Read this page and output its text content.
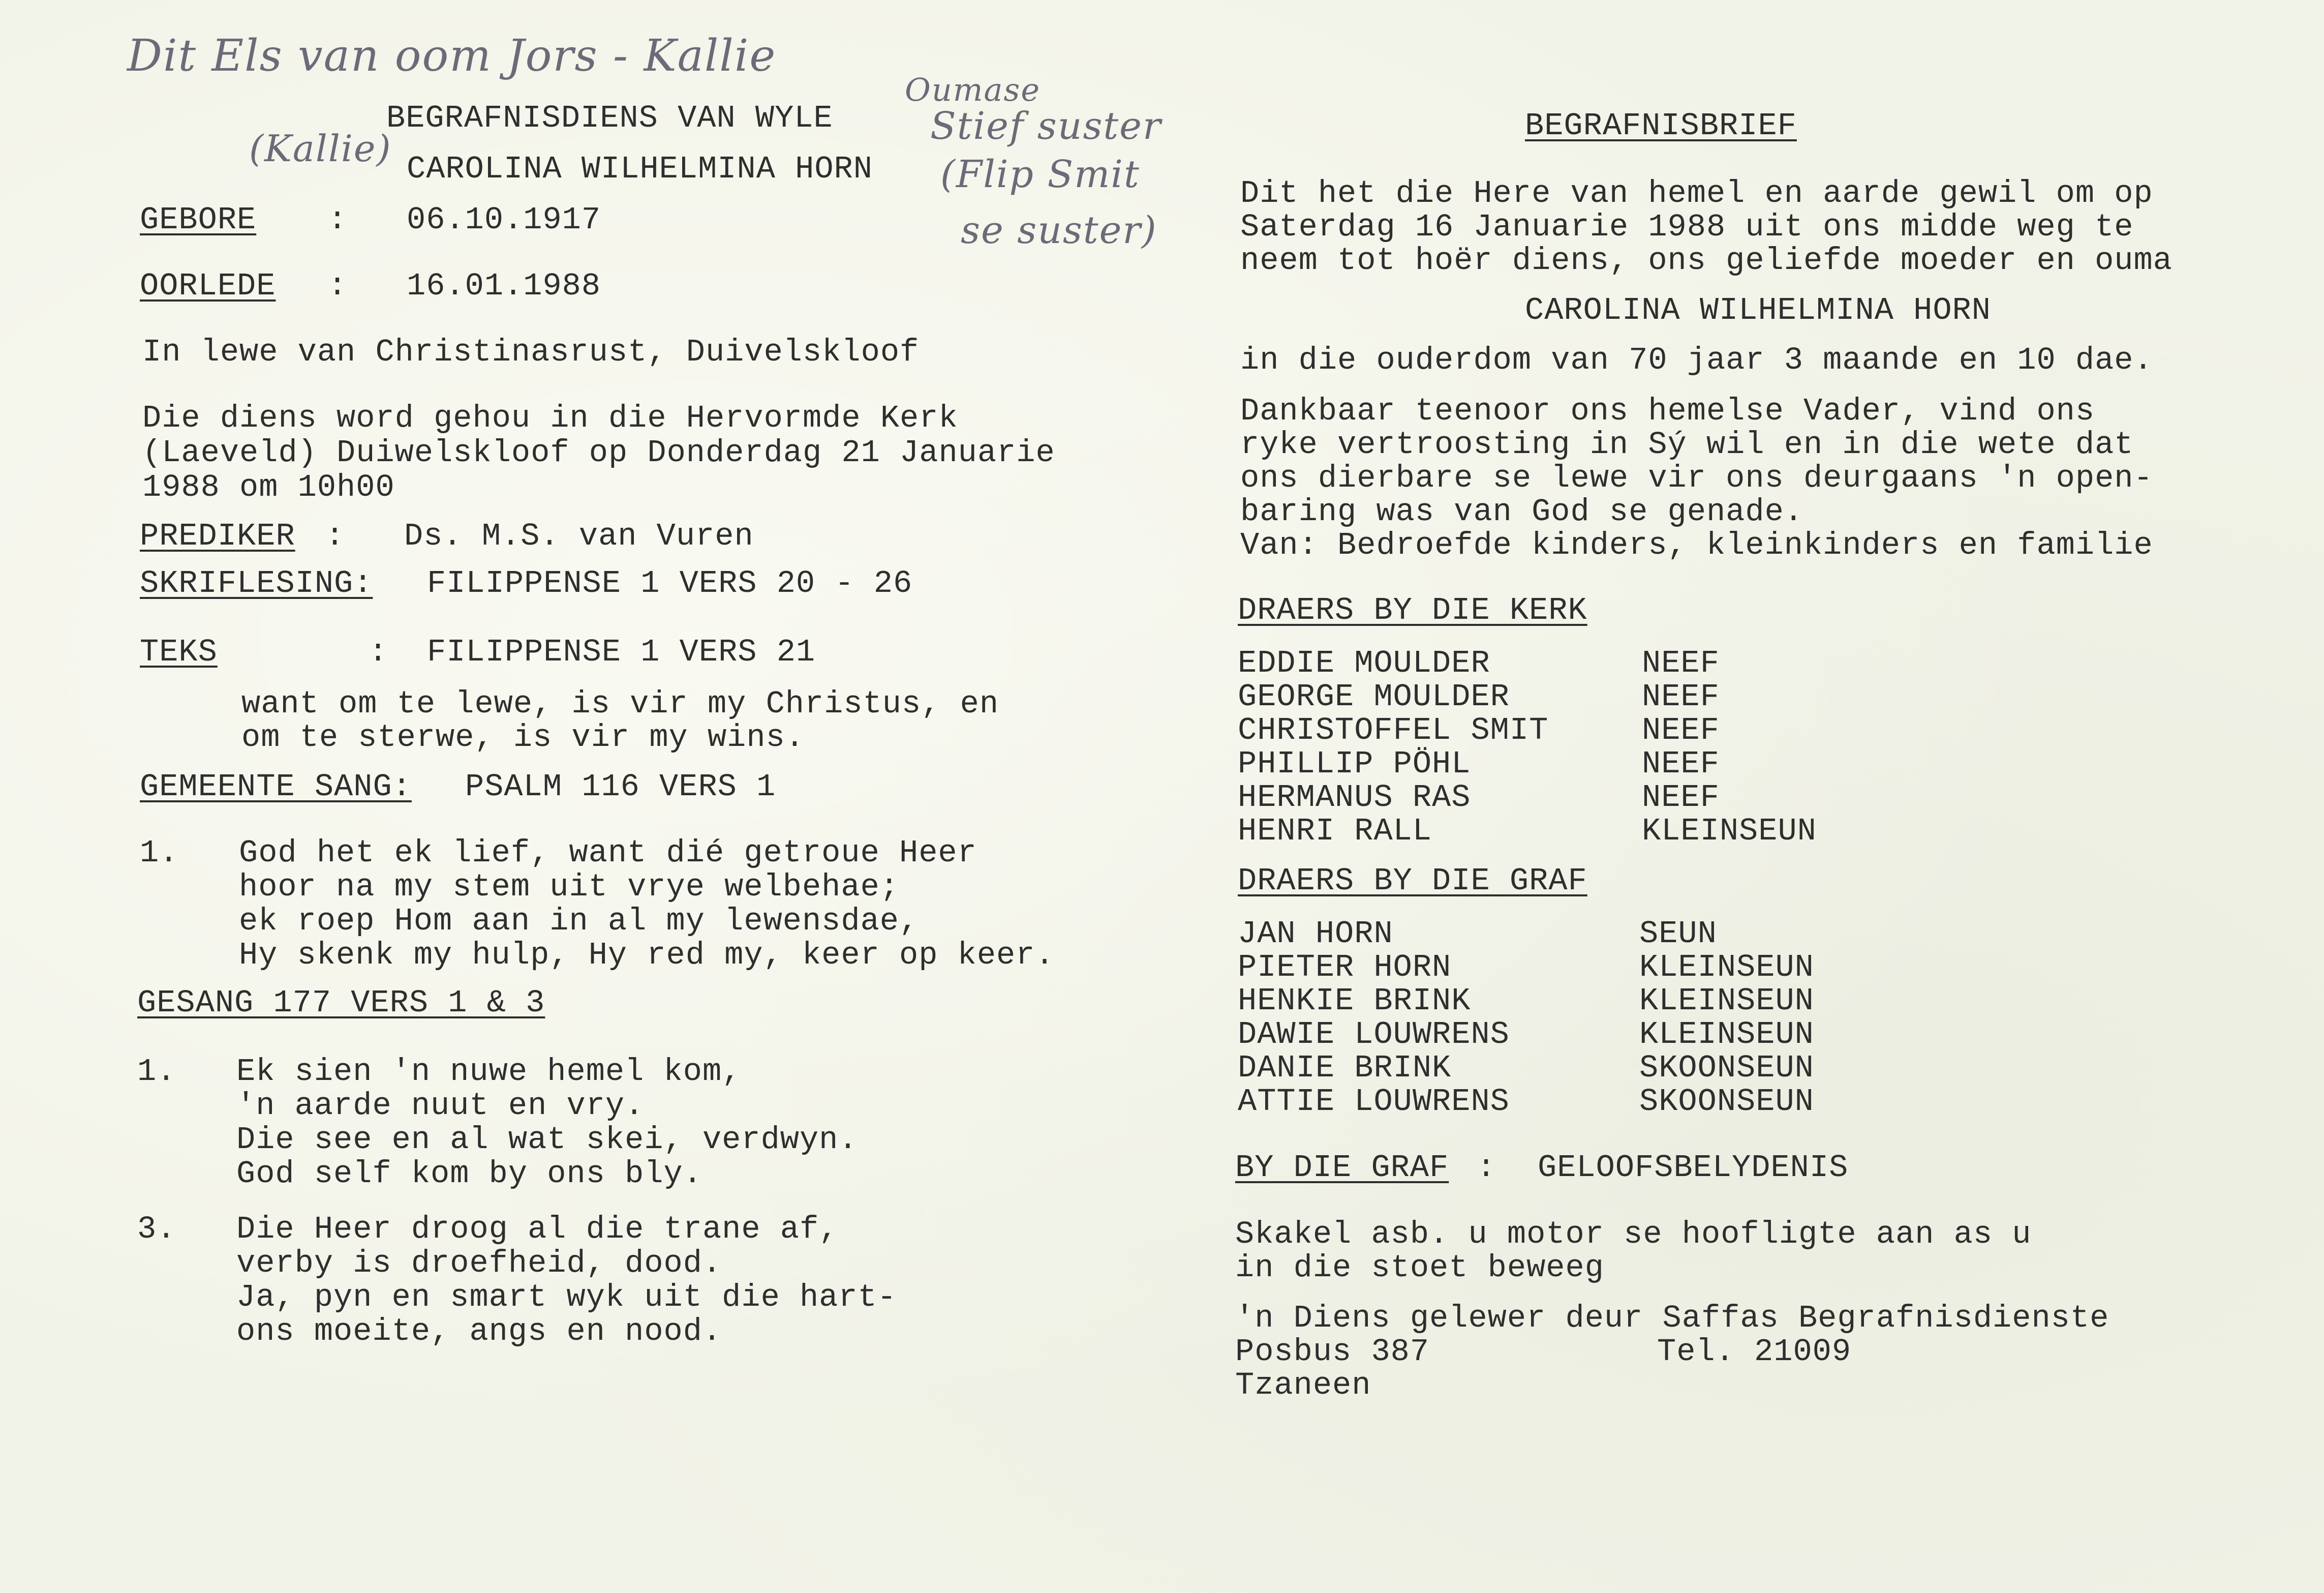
Dit Els van oom Jors - Kallie
(Kallie)
Oumase
Stief suster
(Flip Smit
se suster)
BEGRAFNISDIENS VAN WYLE
CAROLINA WILHELMINA HORN
GEBORE : 06.10.1917
OORLEDE : 16.01.1988
In lewe van Christinasrust, Duivelskloof
Die diens word gehou in die Hervormde Kerk
(Laeveld) Duiwelskloof op Donderdag 21 Januarie
1988 om 10h00
PREDIKER : Ds. M.S. van Vuren
SKRIFLESING: FILIPPENSE 1 VERS 20 - 26
TEKS	: FILIPPENSE 1 VERS 21
want om te lewe, is vir my Christus, en
om te sterwe, is vir my wins.
GEMEENTE SANG: PSALM 116 VERS 1
1. God het ek lief, want dié getroue Heer
hoor na my stem uit vrye welbehae;
ek roep Hom aan in al my lewensdae,
Hy skenk my hulp, Hy red my, keer op keer.
GESANG 177 VERS 1 & 3
1. Ek sien 'n nuwe hemel kom,
'n aarde nuut en vry.
Die see en al wat skei, verdwyn.
God self kom by ons bly.
3. Die Heer droog al die trane af,
verby is droefheid, dood.
Ja, pyn en smart wyk uit die hart-
ons moeite, angs en nood.
BEGRAFNISBRIEF
Dit het die Here van hemel en aarde gewil om op
Saterdag 16 Januarie 1988 uit ons midde weg te
neem tot hoër diens, ons geliefde moeder en ouma
CAROLINA WILHELMINA HORN
in die ouderdom van 70 jaar 3 maande en 10 dae.
Dankbaar teenoor ons hemelse Vader, vind ons
ryke vertroosting in Sý wil en in die wete dat
ons dierbare se lewe vir ons deurgaans 'n open-
baring was van God se genade.
Van: Bedroefde kinders, kleinkinders en familie
DRAERS BY DIE KERK
EDDIE MOULDER	NEEF
GEORGE MOULDER	NEEF
CHRISTOFFEL SMIT	NEEF
PHILLIP PÖHL	NEEF
HERMANUS RAS	NEEF
HENRI RALL	KLEINSEUN
DRAERS BY DIE GRAF
JAN HORN	SEUN
PIETER HORN	KLEINSEUN
HENKIE BRINK	KLEINSEUN
DAWIE LOUWRENS	KLEINSEUN
DANIE BRINK	SKOONSEUN
ATTIE LOUWRENS	SKOONSEUN
BY DIE GRAF : GELOOFSBELYDENIS
Skakel asb. u motor se hoofligte aan as u
in die stoet beweeg
'n Diens gelewer deur Saffas Begrafnisdienste
Posbus 387	Tel. 21009
Tzaneen
